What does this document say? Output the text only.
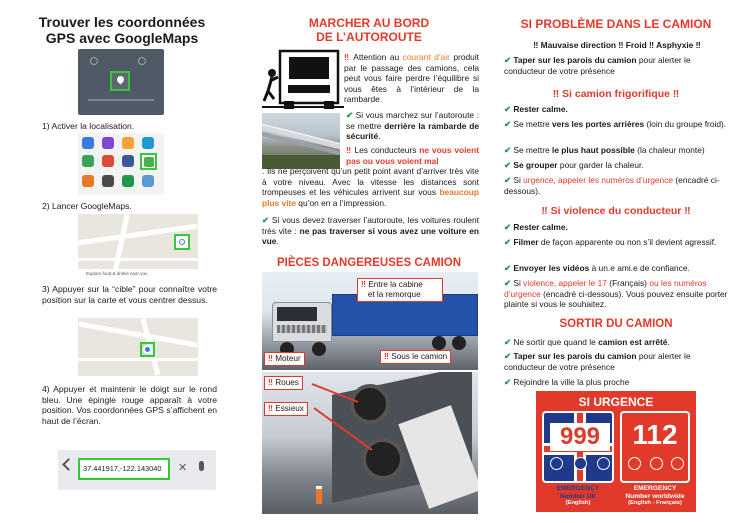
Trouver les coordonnées
GPS avec GoogleMaps
1) Activer la localisation.
2) Lancer GoogleMaps.
Explore food & drinks near you
3) Appuyer sur la “cible” pour connaître votre position sur la carte et vous centrer dessus.
4) Appuyer et maintenir le doigt sur le rond bleu. Une épingle rouge apparaît à votre position. Vos coordonnées GPS s’affichent en haut de l’écran.
37.441917,-122.143040	✕
MARCHER AU BORD
DE L’AUTOROUTE
‼ Attention au courant d’air produit par le passage des camions, cela peut vous faire perdre l’équilibre si vous êtes à l’intérieur de la rambarde.
✔ Si vous marchez sur l’autoroute : se mettre derrière la rambarde de sécurité.
‼ Les conducteurs ne vous voient pas ou vous voient mal
. Ils ne perçoivent qu’un petit point avant d’arriver très vite à votre niveau. Avec la vitesse les distances sont trompeuses et les véhicules arrivent sur vous beaucoup plus vite qu’on en a l’impression.
✔ Si vous devez traverser l’autoroute, les voitures roulent très vite : ne pas traverser si vous avez une voiture en vue.
PIÈCES DANGEREUSES CAMION
‼ Entre la cabine
et la remorque
‼ Moteur	‼ Sous le camion
‼ Roues
‼ Essieux
SI PROBLÈME DANS LE CAMION
‼ Mauvaise direction ‼ Froid ‼ Asphyxie ‼
✔ Taper sur les parois du camion pour alerter le conducteur de votre présence
‼ Si camion frigorifique ‼
✔ Rester calme.
✔ Se mettre vers les portes arrières (loin du groupe froid).
✔ Se mettre le plus haut possible (la chaleur monte)
✔ Se grouper pour garder la chaleur.
✔ Si urgence, appeler les numéros d’urgence (encadré ci-dessous).
‼ Si violence du conducteur ‼
✔ Rester calme.
✔ Filmer de façon apparente ou non s’il devient agressif.
✔ Envoyer les vidéos à un.e ami.e de confiance.
✔ Si violence, appeler le 17 (Français) ou les numéros d’urgence (encadré ci-dessous). Vous pouvez ensuite porter plainte si vous le souhaitez.
SORTIR DU CAMION
✔ Ne sortir que quand le camion est arrêté.
✔ Taper sur les parois du camion pour alerter le conducteur de votre présence
✔ Rejoindre la ville la plus proche
SI URGENCE
999	112
EMERGENCY
Number UK
(English)
EMERGENCY
Number worldwide
(English - Français)
